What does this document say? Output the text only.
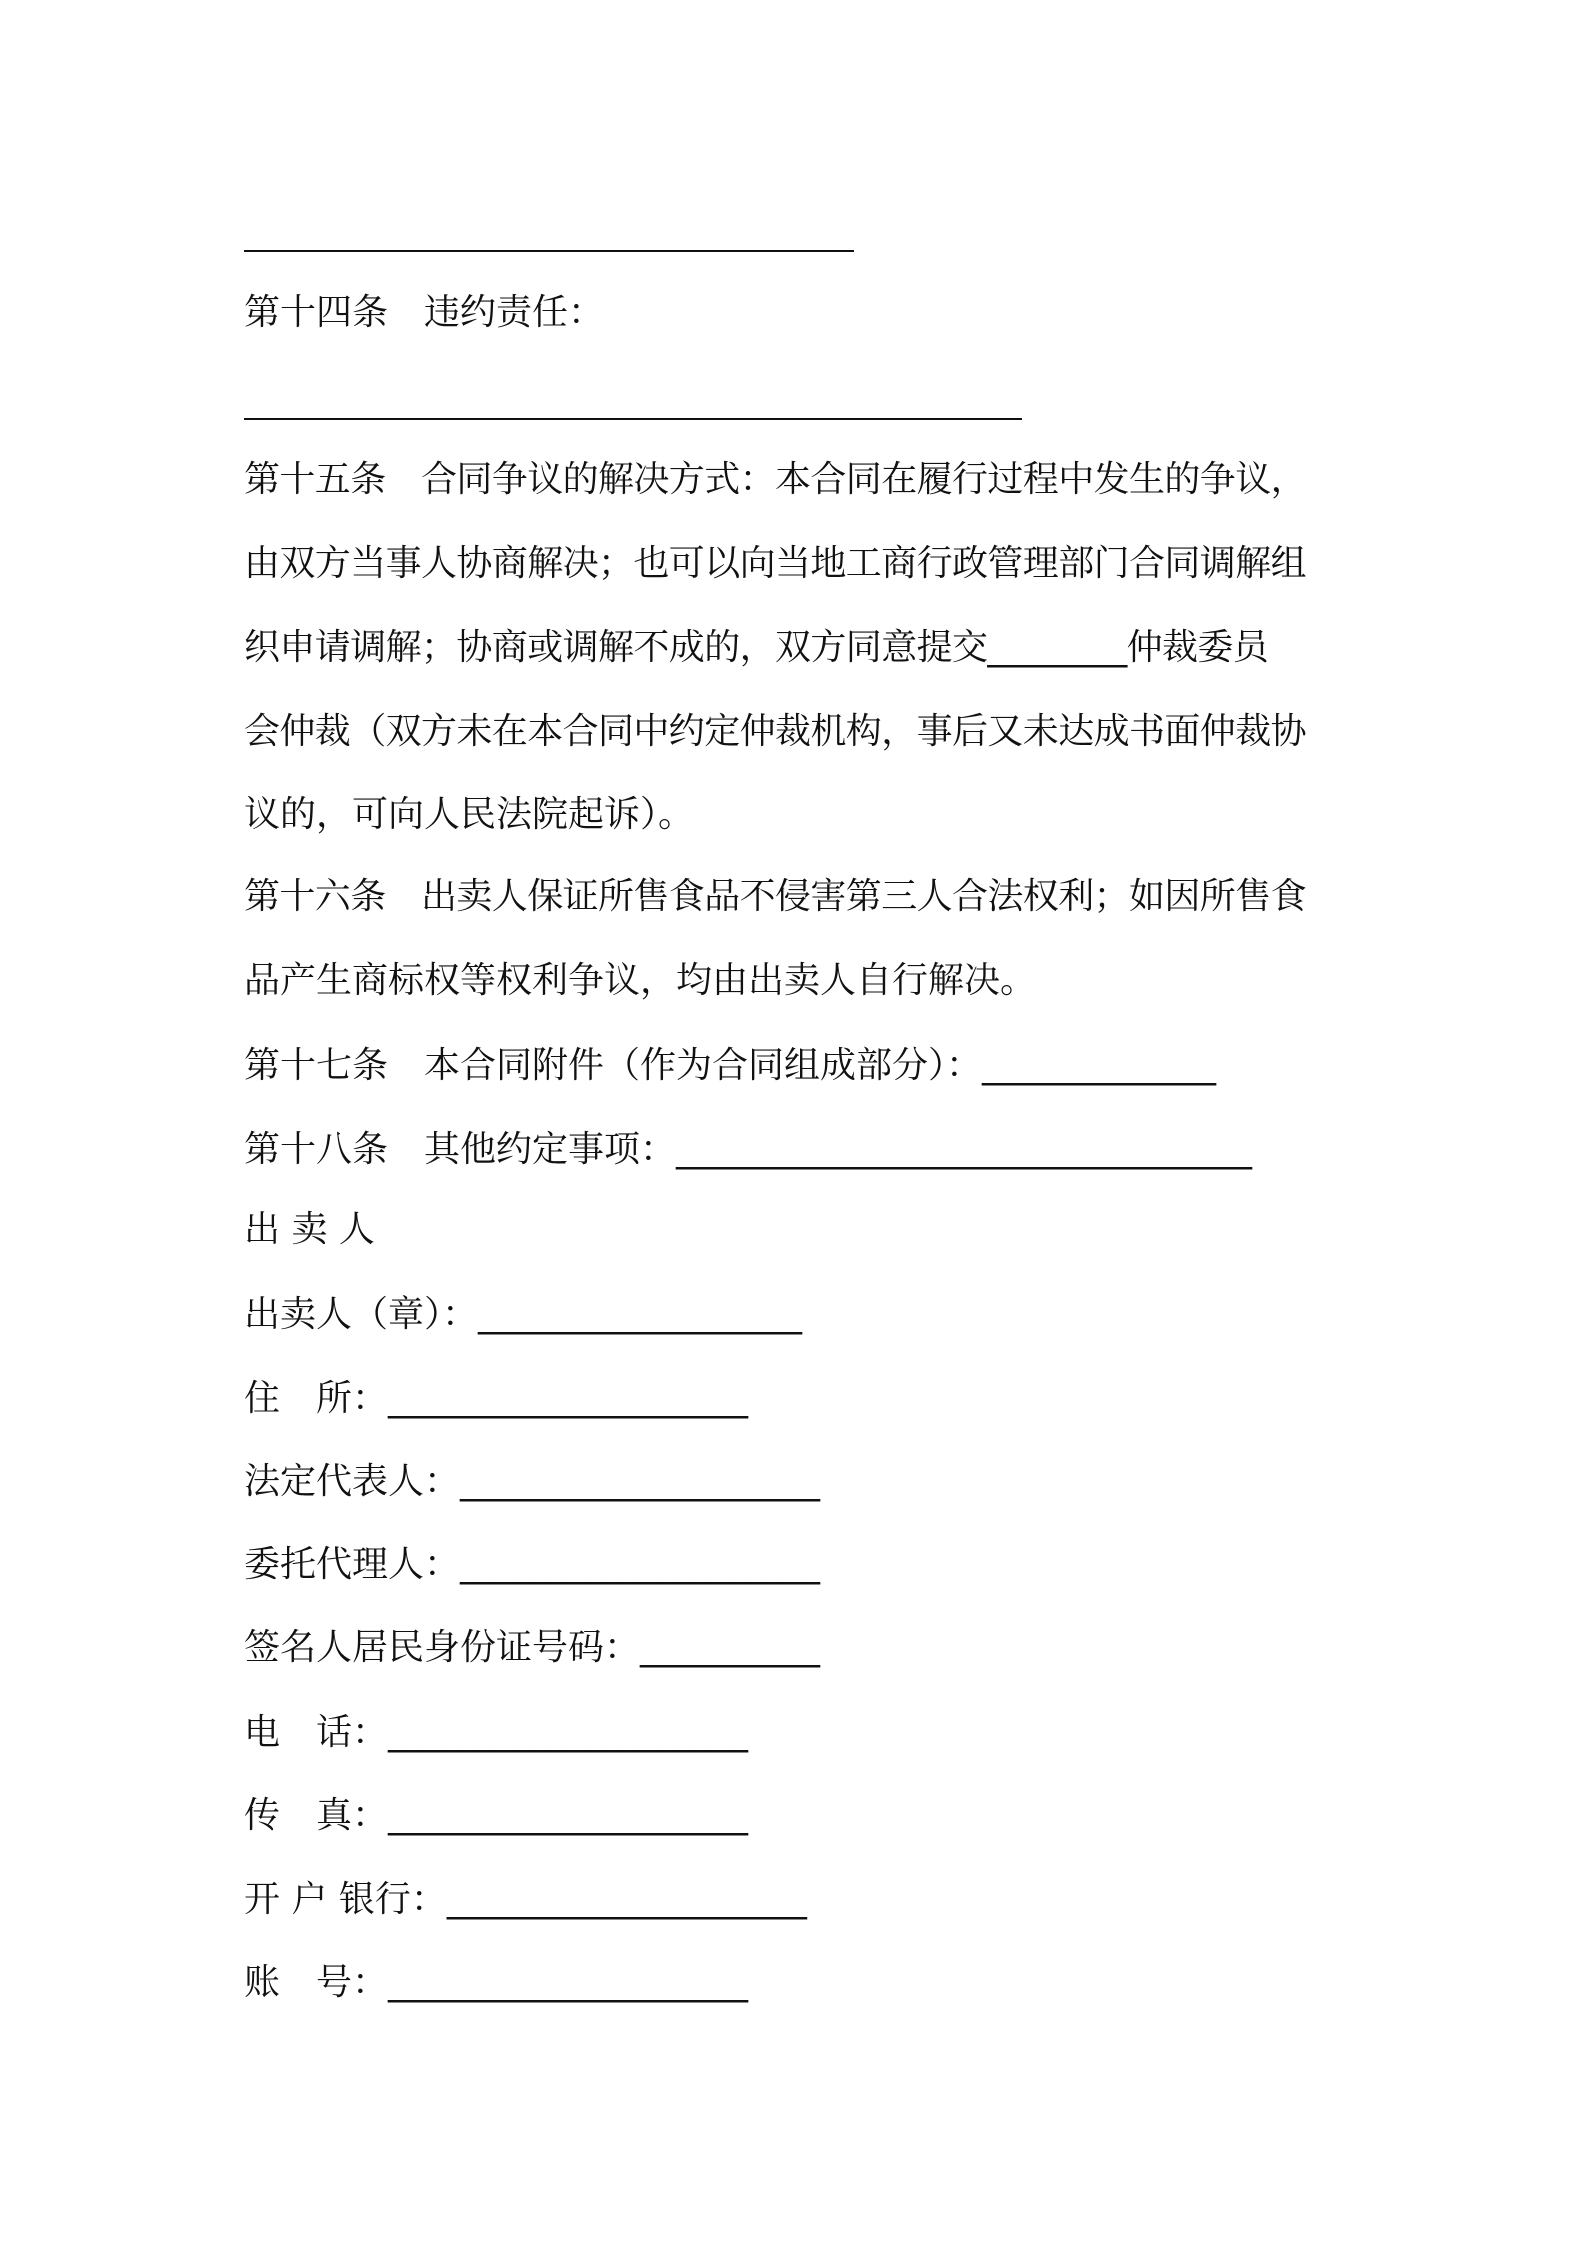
第十四条　违约责任：
第十五条　合同争议的解决方式：本合同在履行过程中发生的争议，
由双方当事人协商解决；也可以向当地工商行政管理部门合同调解组
织申请调解；协商或调解不成的，双方同意提交________仲裁委员
会仲裁（双方未在本合同中约定仲裁机构，事后又未达成书面仲裁协
议的，可向人民法院起诉）。
第十六条　出卖人保证所售食品不侵害第三人合法权利；如因所售食
品产生商标权等权利争议，均由出卖人自行解决。
第十七条　本合同附件（作为合同组成部分）：_____________
第十八条　其他约定事项：________________________________
出 卖 人
出卖人（章）：__________________
住　所：____________________
法定代表人：____________________
委托代理人：____________________
签名人居民身份证号码：__________
电　话：____________________
传　真：____________________
开 户 银行：____________________
账　号：____________________
